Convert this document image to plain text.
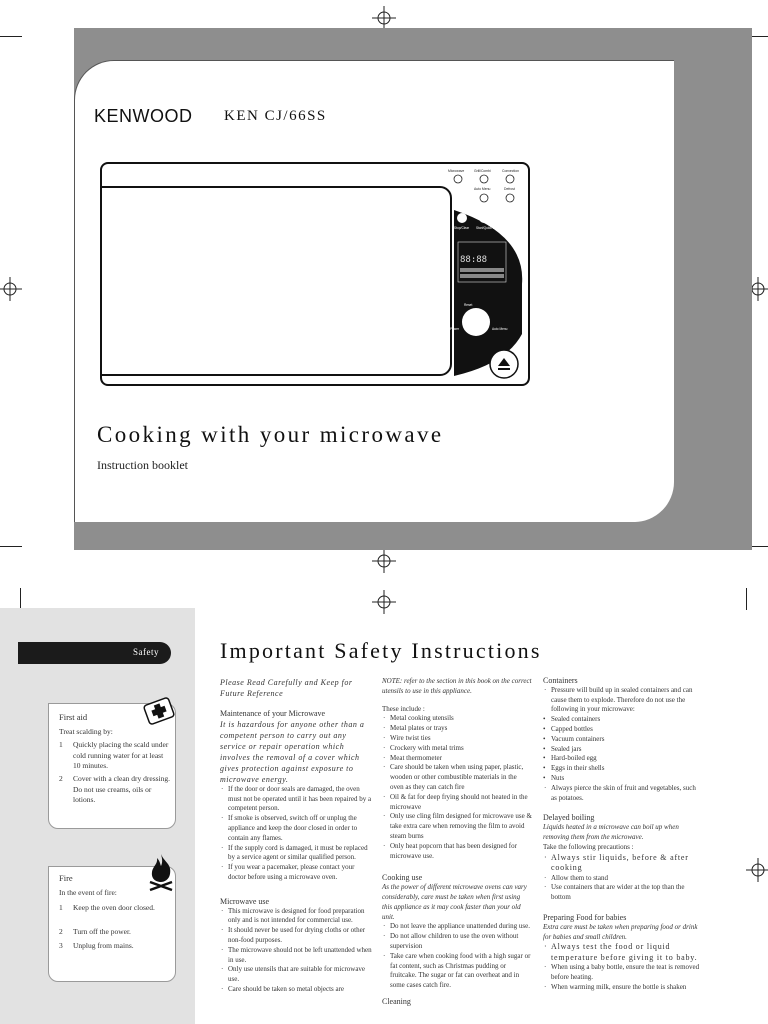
KENWOOD KEN CJ/66SS
Microwave	Grill/Combi	Convection
Auto Menu	Defrost
Stop/Clear Start/Quick Start
88:88
Reset
Power	Auto Menu
Cooking with your microwave
Instruction booklet
Safety
First aid
Treat scalding by:
1	Quickly placing the scald under cold running water for at least 10 minutes.
2	Cover with a clean dry dressing. Do not use creams, oils or lotions.
Fire
In the event of fire:
1	Keep the oven door closed.
2	Turn off the power.
3	Unplug from mains.
Important Safety Instructions

Please Read Carefully and Keep for Future Reference

Maintenance of your Microwave

It is hazardous for anyone other than a competent person to carry out any service or repair operation which involves the removal of a cover which gives protection against exposure to microwave energy.

· If the door or door seals are damaged, the oven must not be operated until it has been repaired by a competent person.

· If smoke is observed, switch off or unplug the appliance and keep the door closed in order to contain any flames.

· If the supply cord is damaged, it must be replaced by a service agent or similar qualified person.

· If you wear a pacemaker, please contact your doctor before using a microwave oven.

Microwave use

· This microwave is designed for food preparation only and is not intended for commercial use.

· It should never be used for drying cloths or other non-food purposes.

· The microwave should not be left unattended when in use.

· Only use utensils that are suitable for microwave use.

· Care should be taken so metal objects are

NOTE: refer to the section in this book on the correct utensils to use in this appliance.

These include :

· Metal cooking utensils

· Metal plates or trays

· Wire twist ties

· Crockery with metal trims

· Meat thermometer

· Care should be taken when using paper, plastic, wooden or other combustible materials in the oven as they can catch fire

· Oil & fat for deep frying should not heated in the microwave

· Only use cling film designed for microwave use & take extra care when removing the film to avoid steam burns

· Only heat popcorn that has been designed for microwave use.

Cooking use

As the power of different microwave ovens can vary considerably, care must be taken when first using this appliance as it may cook faster than your old unit.

· Do not leave the appliance unattended during use.

· Do not allow children to use the oven without supervision

· Take care when cooking food with a high sugar or fat content, such as Christmas pudding or fruitcake. The sugar or fat can overheat and in some cases catch fire.

Cleaning

Containers

· Pressure will build up in sealed containers and can cause them to explode. Therefore do not use the following in your microwave:

• Sealed containers

• Capped bottles

• Vacuum containers

• Sealed jars

• Hard-boiled egg

• Eggs in their shells

• Nuts

· Always pierce the skin of fruit and vegetables, such as potatoes.

Delayed boiling

Liquids heated in a microwave can boil up when removing them from the microwave.

Take the following precautions :

· Always stir liquids, before & after cooking

· Allow them to stand

· Use containers that are wider at the top than the bottom

Preparing Food for babies

Extra care must be taken when preparing food or drink for babies and small children.

· Always test the food or liquid temperature before giving it to baby.

· When using a baby bottle, ensure the teat is removed before heating.

· When warming milk, ensure the bottle is shaken
